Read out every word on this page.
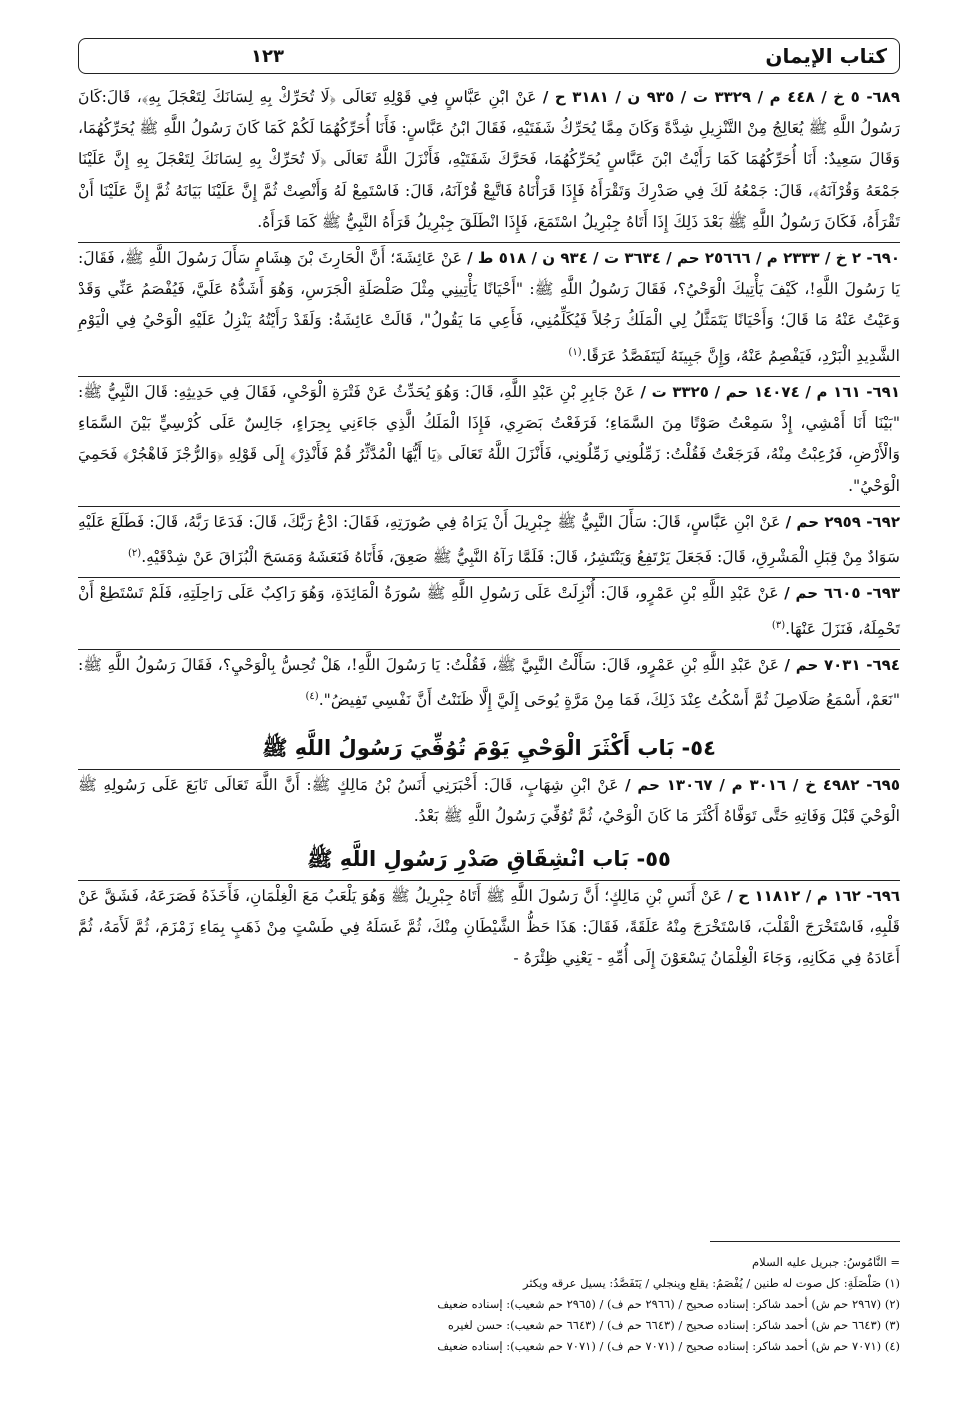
كتاب الإيمان
١٢٣

٦٨٩- ٥ خ / ٤٤٨ م / ٣٣٢٩ ت / ٩٣٥ ن / ٣١٨١ ح / عَنْ ابْنِ عَبَّاسٍ فِي قَوْلِهِ تَعَالَى ﴿لَا تُحَرِّكْ بِهِ لِسَانَكَ لِتَعْجَلَ بِهِ﴾، قَالَ:كَانَ رَسُولُ اللَّهِ ﷺ يُعَالِجُ مِنْ التَّنْزِيلِ شِدَّةً وَكَانَ مِمَّا يُحَرِّكُ شَفَتَيْهِ، فَقَالَ ابْنُ عَبَّاسٍ: فَأَنَا أُحَرِّكُهُمَا لَكُمْ كَمَا كَانَ رَسُولُ اللَّهِ ﷺ يُحَرِّكُهُمَا، وَقَالَ سَعِيدٌ: أَنَا أُحَرِّكُهُمَا كَمَا رَأَيْتُ ابْنَ عَبَّاسٍ يُحَرِّكُهُمَا، فَحَرَّكَ شَفَتَيْهِ، فَأَنْزَلَ اللَّهُ تَعَالَى ﴿لَا تُحَرِّكْ بِهِ لِسَانَكَ لِتَعْجَلَ بِهِ إِنَّ عَلَيْنَا جَمْعَهُ وَقُرْآنَهُ﴾، قَالَ: جَمْعُهُ لَكَ فِي صَدْرِكَ وَتَقْرَأَهُ فَإِذَا قَرَأْنَاهُ فَاتَّبِعْ قُرْآنَهُ، قَالَ: فَاسْتَمِعْ لَهُ وَأَنْصِتْ ثُمَّ إِنَّ عَلَيْنَا بَيَانَهُ ثُمَّ إِنَّ عَلَيْنَا أَنْ تَقْرَأَهُ، فَكَانَ رَسُولُ اللَّهِ ﷺ بَعْدَ ذَلِكَ إِذَا أَتَاهُ جِبْرِيلُ اسْتَمَعَ، فَإِذَا انْطَلَقَ جِبْرِيلُ قَرَأَهُ النَّبِيُّ ﷺ كَمَا قَرَأَهُ.

٦٩٠- ٢ خ / ٢٣٣٣ م / ٢٥٦٦٦ حم / ٣٦٣٤ ت / ٩٣٤ ن / ٥١٨ ط / عَنْ عَائِشَةَ؛ أَنَّ الْحَارِثَ بْنَ هِشَامٍ سَأَلَ رَسُولَ اللَّهِ ﷺ، فَقَالَ: يَا رَسُولَ اللَّهِ!، كَيْفَ يَأْتِيكَ الْوَحْيُ؟، فَقَالَ رَسُولُ اللَّهِ ﷺ: "أَحْيَانًا يَأْتِينِي مِثْلَ صَلْصَلَةِ الْجَرَسِ، وَهُوَ أَشَدُّهُ عَلَيَّ، فَيُفْصَمُ عَنِّي وَقَدْ وَعَيْتُ عَنْهُ مَا قَالَ؛ وَأَحْيَانًا يَتَمَثَّلُ لِي الْمَلَكُ رَجُلاً فَيُكَلِّمُنِي، فَأَعِي مَا يَقُولُ"، قَالَتْ عَائِشَةُ: وَلَقَدْ رَأَيْتُهُ يَنْزِلُ عَلَيْهِ الْوَحْيُ فِي الْيَوْمِ الشَّدِيدِ الْبَرْدِ، فَيَفْصِمُ عَنْهُ، وَإِنَّ جَبِينَهُ لَيَتَفَصَّدُ عَرَقًا.$^{(١)}$

٦٩١- ١٦١ م / ١٤٠٧٤ حم / ٣٣٢٥ ت / عَنْ جَابِرِ بْنِ عَبْدِ اللَّهِ، قَالَ: وَهُوَ يُحَدِّثُ عَنْ فَتْرَةِ الْوَحْيِ، فَقَالَ فِي حَدِيثِهِ: قَالَ النَّبِيُّ ﷺ: "بَيْنَا أَنَا أَمْشِي، إِذْ سَمِعْتُ صَوْتًا مِنَ السَّمَاءِ؛ فَرَفَعْتُ بَصَرِي، فَإِذَا الْمَلَكُ الَّذِي جَاءَنِي بِحِرَاءٍ، جَالِسٌ عَلَى كُرْسِيٍّ بَيْنَ السَّمَاءِ وَالْأَرْضِ، فَرُعِبْتُ مِنْهُ، فَرَجَعْتُ فَقُلْتُ: زَمِّلُونِي زَمِّلُونِي، فَأَنْزَلَ اللَّهُ تَعَالَى ﴿يَا أَيُّهَا الْمُدَّثِّرُ قُمْ فَأَنْذِرْ﴾ إِلَى قَوْلِهِ ﴿وَالرُّجْزَ فَاهْجُرْ﴾ فَحَمِيَ الْوَحْيُ".

٦٩٢- ٢٩٥٩ حم / عَنْ ابْنِ عَبَّاسٍ، قَالَ: سَأَلَ النَّبِيُّ ﷺ جِبْرِيلَ أَنْ يَرَاهُ فِي صُورَتِهِ، فَقَالَ: ادْعُ رَبَّكَ، قَالَ: فَدَعَا رَبَّهُ، قَالَ: فَطَلَعَ عَلَيْهِ سَوَادٌ مِنْ قِبَلِ الْمَشْرِقِ، قَالَ: فَجَعَلَ يَرْتَفِعُ وَيَنْتَشِرُ، قَالَ: فَلَمَّا رَآهُ النَّبِيُّ ﷺ صَعِقَ، فَأَتَاهُ فَنَعَشَهُ وَمَسَحَ الْبُزَاقَ عَنْ شِدْقَيْهِ.$^{(٢)}$

٦٩٣- ٦٦٠٥ حم / عَنْ عَبْدِ اللَّهِ بْنِ عَمْرٍو، قَالَ: أُنْزِلَتْ عَلَى رَسُولِ اللَّهِ ﷺ سُورَةُ الْمَائِدَةِ، وَهُوَ رَاكِبٌ عَلَى رَاحِلَتِهِ، فَلَمْ تَسْتَطِعْ أَنْ تَحْمِلَهُ، فَنَزَلَ عَنْهَا.$^{(٣)}$

٦٩٤- ٧٠٣١ حم / عَنْ عَبْدِ اللَّهِ بْنِ عَمْرٍو، قَالَ: سَأَلْتُ النَّبِيَّ ﷺ، فَقُلْتُ: يَا رَسُولَ اللَّهِ!، هَلْ تُحِسُّ بِالْوَحْيِ؟، فَقَالَ رَسُولُ اللَّهِ ﷺ: "نَعَمْ، أَسْمَعُ صَلَاصِلَ ثُمَّ أَسْكُتُ عِنْدَ ذَلِكَ، فَمَا مِنْ مَرَّةٍ يُوحَى إِلَيَّ إِلَّا ظَنَنْتُ أَنَّ نَفْسِي تَفِيضُ".$^{(٤)}$

٥٤- بَاب أَكْثَرَ الْوَحْيِ يَوْمَ تُوُفِّيَ رَسُولُ اللَّهِ ﷺ

٦٩٥- ٤٩٨٢ خ / ٣٠١٦ م / ١٣٠٦٧ حم / عَنْ ابْنِ شِهَابٍ، قَالَ: أَخْبَرَنِي أَنَسُ بْنُ مَالِكٍ ﷺ: أَنَّ اللَّهَ تَعَالَى تَابَعَ عَلَى رَسُولِهِ ﷺ الْوَحْيَ قَبْلَ وَفَاتِهِ حَتَّى تَوَفَّاهُ أَكْثَرَ مَا كَانَ الْوَحْيُ، ثُمَّ تُوُفِّيَ رَسُولُ اللَّهِ ﷺ بَعْدُ.

٥٥- بَاب انْشِقَاقِ صَدْرِ رَسُولِ اللَّهِ ﷺ

٦٩٦- ١٦٢ م / ١١٨١٢ ح / عَنْ أَنَسِ بْنِ مَالِكٍ؛ أَنَّ رَسُولَ اللَّهِ ﷺ أَتَاهُ جِبْرِيلُ ﷺ وَهُوَ يَلْعَبُ مَعَ الْغِلْمَانِ، فَأَخَذَهُ فَصَرَعَهُ، فَشَقَّ عَنْ قَلْبِهِ، فَاسْتَخْرَجَ الْقَلْبَ، فَاسْتَخْرَجَ مِنْهُ عَلَقَةً، فَقَالَ: هَذَا حَظُّ الشَّيْطَانِ مِنْكَ، ثُمَّ غَسَلَهُ فِي طَسْتٍ مِنْ ذَهَبٍ بِمَاءِ زَمْزَمَ، ثُمَّ لَأَمَهُ، ثُمَّ أَعَادَهُ فِي مَكَانِهِ، وَجَاءَ الْغِلْمَانُ يَسْعَوْنَ إِلَى أُمِّهِ - يَعْنِي ظِئْرَهُ -

= النَّامُوسُ: جبريل عليه السلام
(١) صَلْصَلَةِ: كل صوت له طنين / يُفْصَمُ: يقلع وينجلي / يَتَفَصَّدُ: يسيل عرقه ويكثر
(٢) (٢٩٦٧ حم ش) أحمد شاكر: إسناده صحيح / (٢٩٦٦ حم ف) / (٢٩٦٥ حم شعيب): إسناده ضعيف
(٣) (٦٦٤٣ حم ش) أحمد شاكر: إسناده صحيح / (٦٦٤٣ حم ف) / (٦٦٤٣ حم شعيب): حسن لغيره
(٤) (٧٠٧١ حم ش) أحمد شاكر: إسناده صحيح / (٧٠٧١ حم ف) / (٧٠٧١ حم شعيب): إسناده ضعيف
